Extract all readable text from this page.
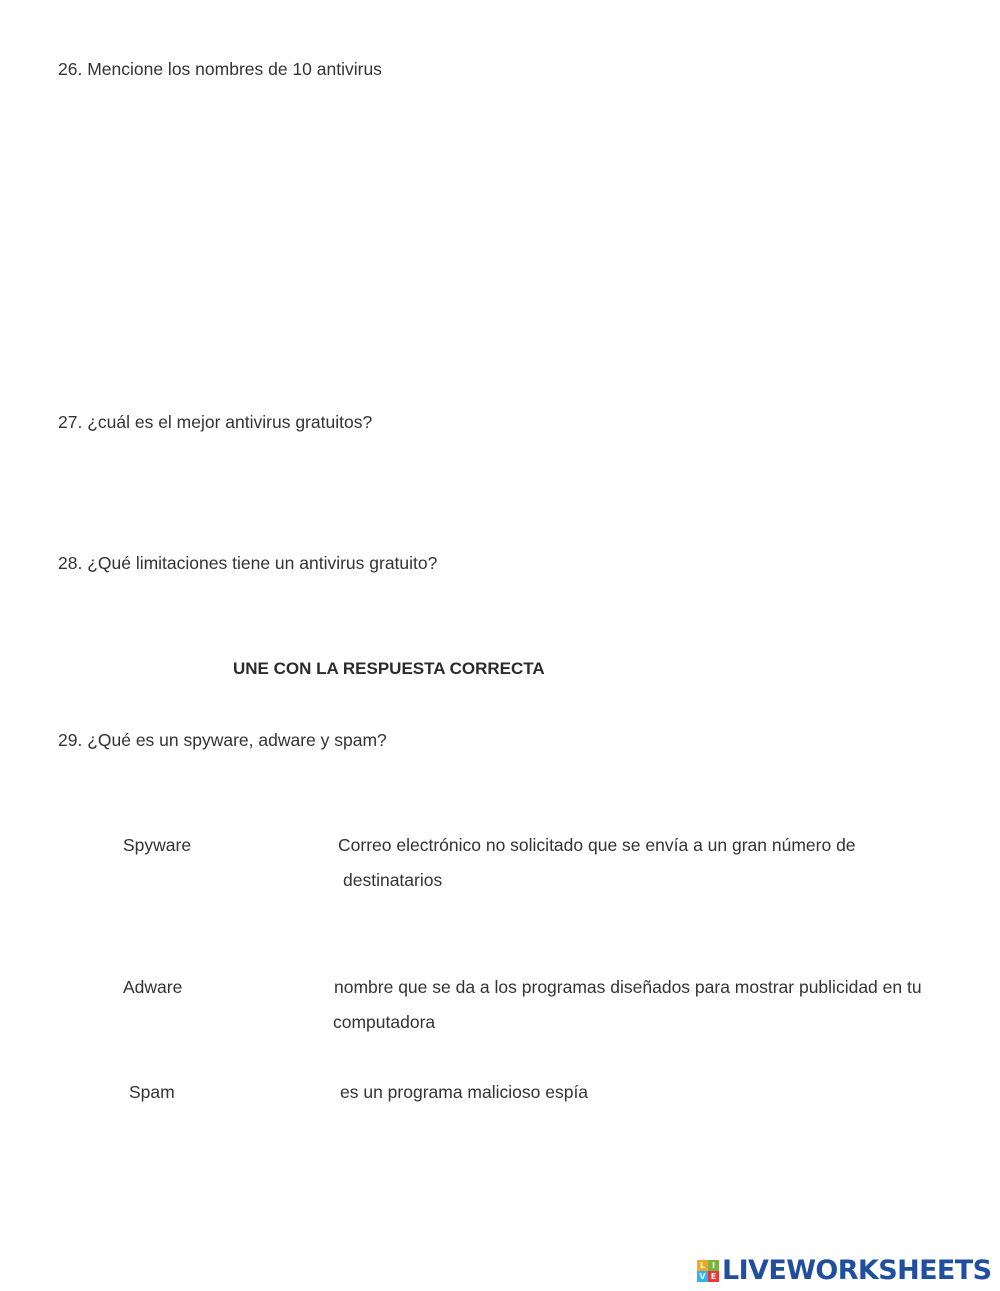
26. Mencione los nombres de 10 antivirus

27. ¿cuál es el mejor antivirus gratuitos?

28. ¿Qué limitaciones tiene un antivirus gratuito?

UNE CON LA RESPUESTA CORRECTA

29. ¿Qué es un spyware, adware y spam?

Spyware

Adware

Spam

Correo electrónico no solicitado que se envía a un gran número de

destinatarios

nombre que se da a los programas diseñados para mostrar publicidad en tu

computadora

es un programa malicioso espía

L I
V E LIVEWORKSHEETS
